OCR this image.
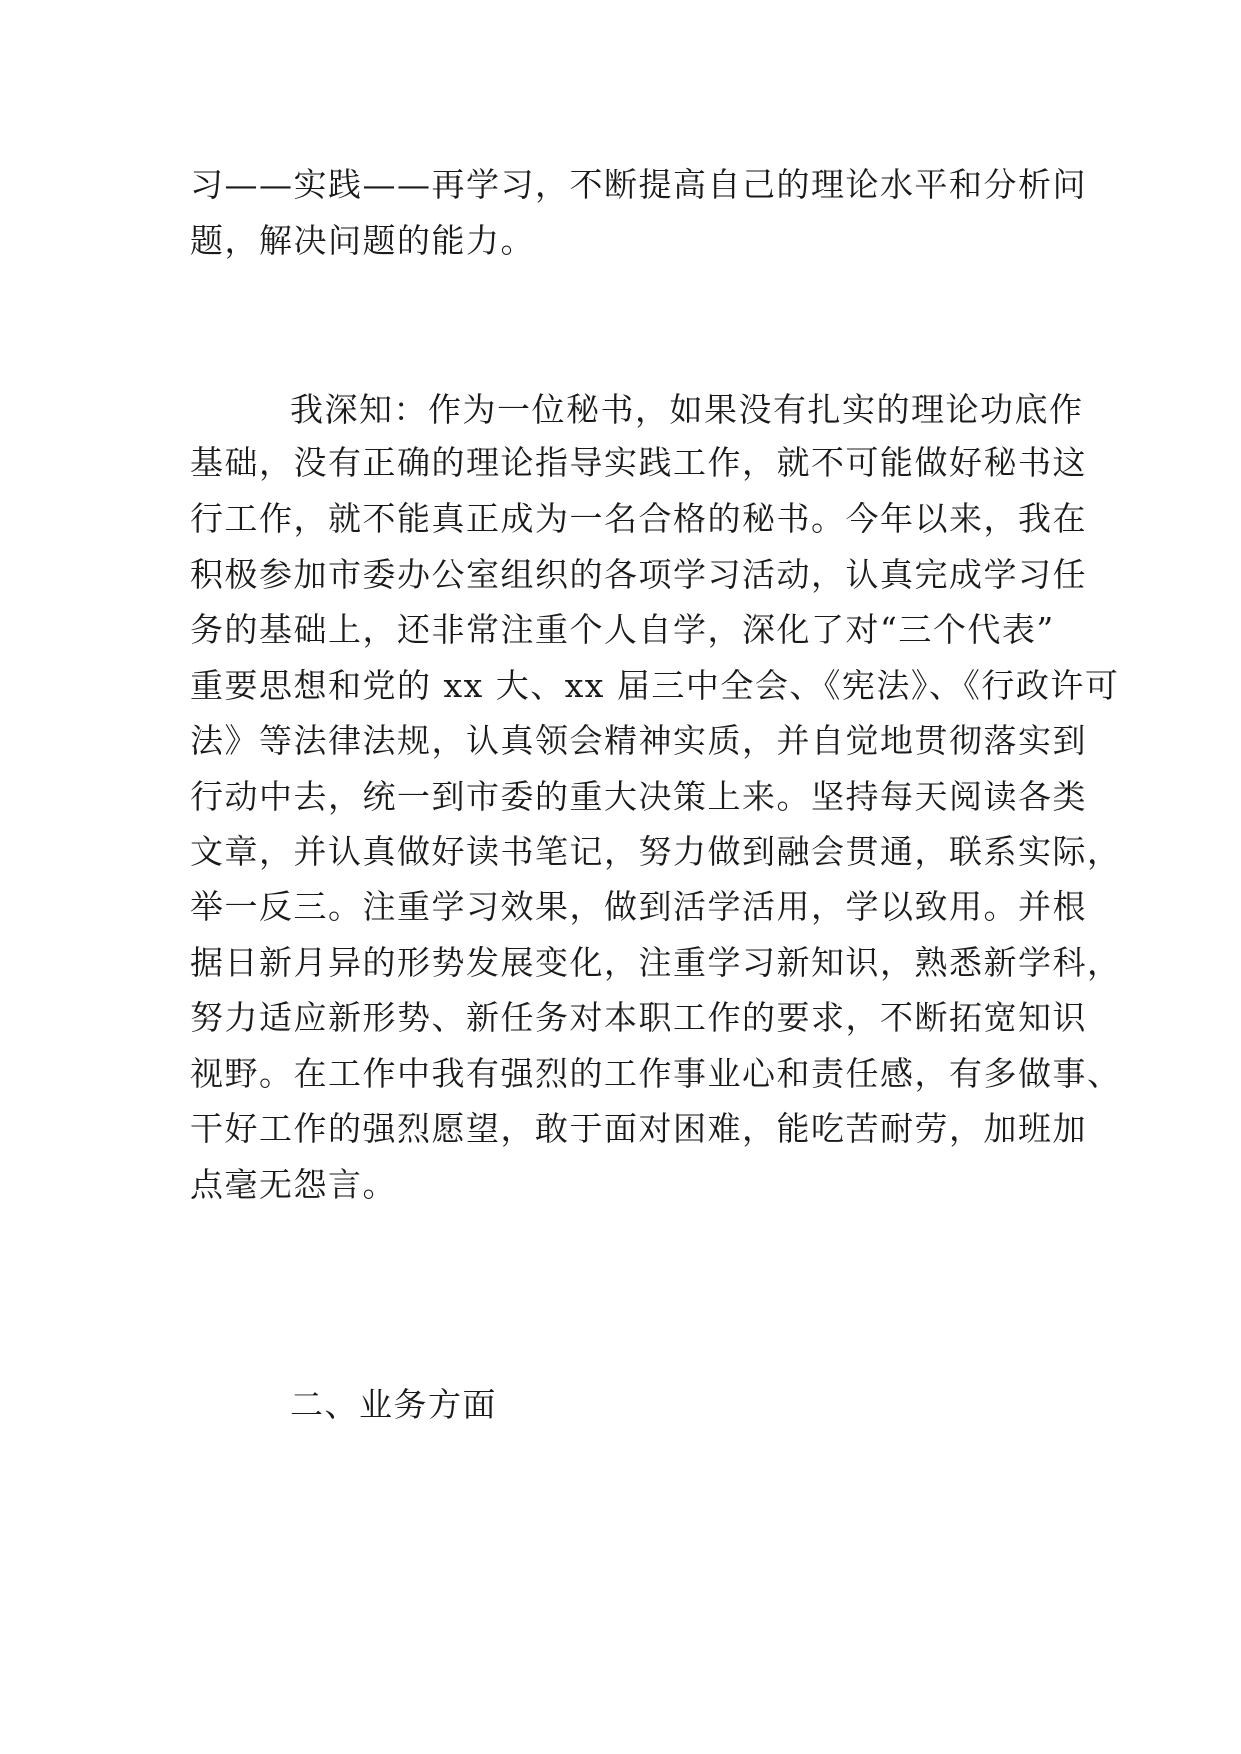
习——实践——再学习，不断提高自己的理论水平和分析问
题，解决问题的能力。
我深知：作为一位秘书，如果没有扎实的理论功底作
基础，没有正确的理论指导实践工作，就不可能做好秘书这
行工作，就不能真正成为一名合格的秘书。今年以来，我在
积极参加市委办公室组织的各项学习活动，认真完成学习任
务的基础上，还非常注重个人自学，深化了对“三个代表”
重要思想和党的 xx 大、xx 届三中全会、《宪法》、《行政许可
法》等法律法规，认真领会精神实质，并自觉地贯彻落实到
行动中去，统一到市委的重大决策上来。坚持每天阅读各类
文章，并认真做好读书笔记，努力做到融会贯通，联系实际，
举一反三。注重学习效果，做到活学活用，学以致用。并根
据日新月异的形势发展变化，注重学习新知识，熟悉新学科，
努力适应新形势、新任务对本职工作的要求，不断拓宽知识
视野。在工作中我有强烈的工作事业心和责任感，有多做事、
干好工作的强烈愿望，敢于面对困难，能吃苦耐劳，加班加
点毫无怨言。
二、业务方面
